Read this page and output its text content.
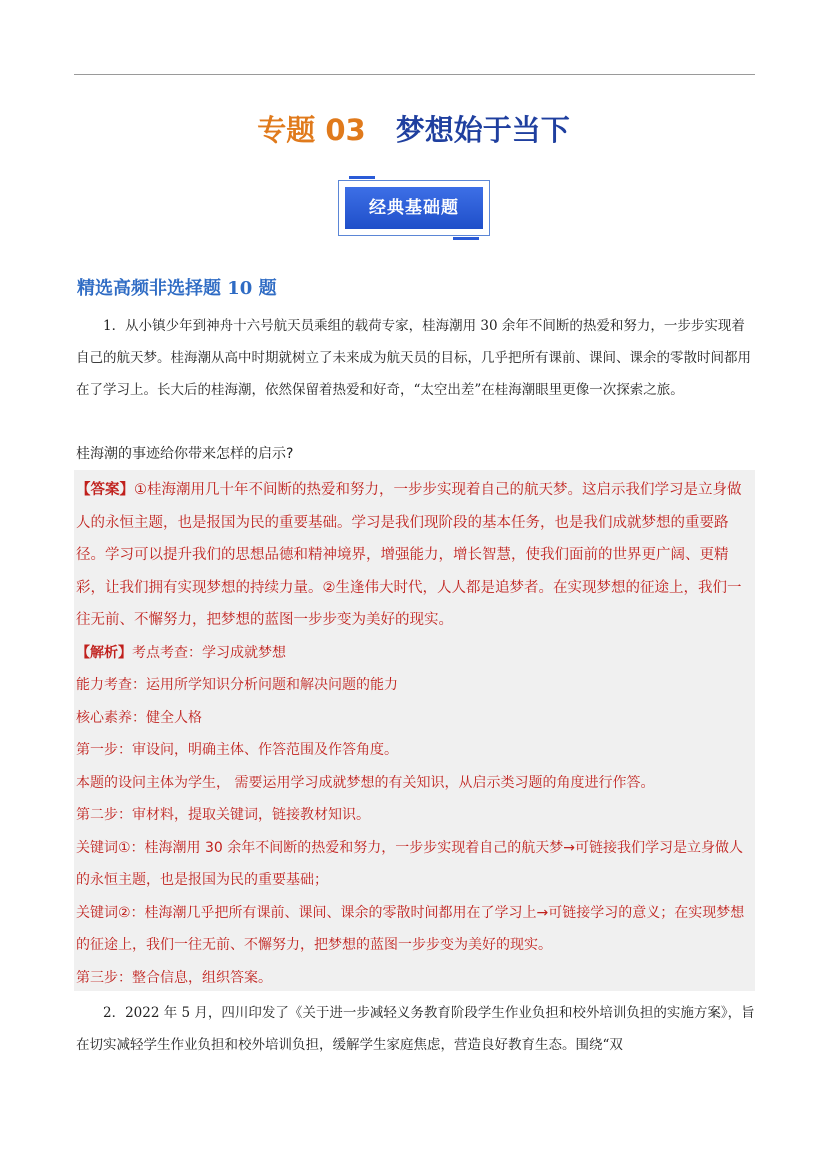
专题 03 梦想始于当下
经典基础题
精选高频非选择题 10 题

1．从小镇少年到神舟十六号航天员乘组的载荷专家，桂海潮用 30 余年不间断的热爱和努力，一步步实现着自己的航天梦。桂海潮从高中时期就树立了未来成为航天员的目标，几乎把所有课前、课间、课余的零散时间都用在了学习上。长大后的桂海潮，依然保留着热爱和好奇，“太空出差”在桂海潮眼里更像一次探索之旅。

桂海潮的事迹给你带来怎样的启示?

【答案】①桂海潮用几十年不间断的热爱和努力，一步步实现着自己的航天梦。这启示我们学习是立身做人的永恒主题，也是报国为民的重要基础。学习是我们现阶段的基本任务，也是我们成就梦想的重要路径。学习可以提升我们的思想品德和精神境界，增强能力，增长智慧，使我们面前的世界更广阔、更精彩，让我们拥有实现梦想的持续力量。②生逢伟大时代，人人都是追梦者。在实现梦想的征途上，我们一往无前、不懈努力，把梦想的蓝图一步步变为美好的现实。

【解析】考点考查：学习成就梦想

能力考查：运用所学知识分析问题和解决问题的能力

核心素养：健全人格

第一步：审设问，明确主体、作答范围及作答角度。

本题的设问主体为学生， 需要运用学习成就梦想的有关知识，从启示类习题的角度进行作答。

第二步：审材料，提取关键词，链接教材知识。

关键词①：桂海潮用 30 余年不间断的热爱和努力，一步步实现着自己的航天梦→可链接我们学习是立身做人的永恒主题，也是报国为民的重要基础；

关键词②：桂海潮几乎把所有课前、课间、课余的零散时间都用在了学习上→可链接学习的意义；在实现梦想的征途上，我们一往无前、不懈努力，把梦想的蓝图一步步变为美好的现实。

第三步：整合信息，组织答案。

2．2022 年 5 月，四川印发了《关于进一步减轻义务教育阶段学生作业负担和校外培训负担的实施方案》，旨在切实减轻学生作业负担和校外培训负担，缓解学生家庭焦虑，营造良好教育生态。围绕“双
